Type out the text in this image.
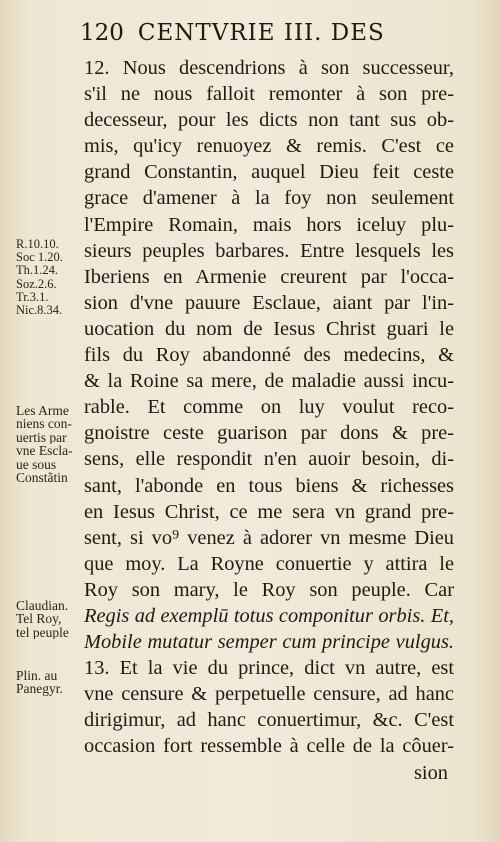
120 CENTVRIE III. DES
12. Nous descendrions à son successeur,
s'il ne nous falloit remonter à son pre-
decesseur, pour les dicts non tant sus ob-
mis, qu'icy renuoyez & remis. C'est ce
grand Constantin, auquel Dieu feit ceste
grace d'amener à la foy non seulement
l'Empire Romain, mais hors iceluy plu-
sieurs peuples barbares. Entre lesquels les
Iberiens en Armenie creurent par l'occa-
sion d'vne pauure Esclaue, aiant par l'in-
uocation du nom de Iesus Christ guari le
fils du Roy abandonné des medecins, &
& la Roine sa mere, de maladie aussi incu-
rable. Et comme on luy voulut reco-
gnoistre ceste guarison par dons & pre-
sens, elle respondit n'en auoir besoin, di-
sant, l'abonde en tous biens & richesses
en Iesus Christ, ce me sera vn grand pre-
sent, si vo⁹ venez à adorer vn mesme Dieu
que moy. La Royne conuertie y attira le
Roy son mary, le Roy son peuple. Car
Regis ad exemplū totus componitur orbis. Et,
Mobile mutatur semper cum principe vulgus.
13. Et la vie du prince, dict vn autre, est
vne censure & perpetuelle censure, ad hanc
dirigimur, ad hanc conuertimur, &c. C'est
occasion fort ressemble à celle de la côuer-
sion
R.10.10.
Soc 1.20.
Th.1.24.
Soz.2.6.
Tr.3.1.
Nic.8.34.
Les Arme
niens con-
uertis par
vne Escla-
ue sous
Constãtin
Claudian.
Tel Roy,
tel peuple
Plin. au
Panegyr.
